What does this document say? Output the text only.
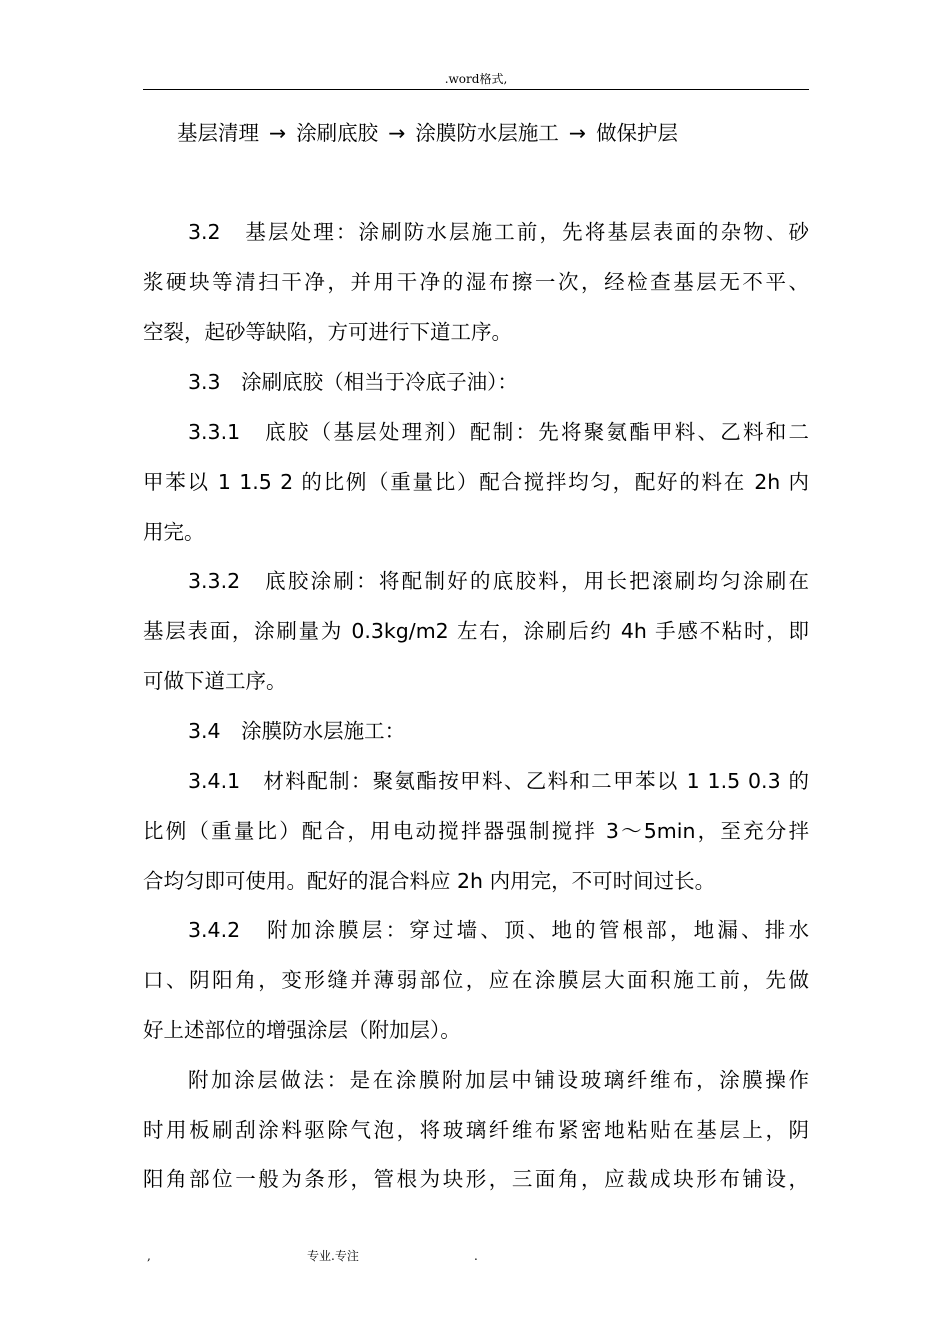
.word格式,
基层清理 → 涂刷底胶 → 涂膜防水层施工 → 做保护层
3.2　基层处理：涂刷防水层施工前，先将基层表面的杂物、砂
浆硬块等清扫干净，并用干净的湿布擦一次，经检查基层无不平、
空裂，起砂等缺陷，方可进行下道工序。
3.3　涂刷底胶（相当于冷底子油）：
3.3.1　底胶（基层处理剂）配制：先将聚氨酯甲料、乙料和二
甲苯以 1 1.5 2 的比例（重量比）配合搅拌均匀，配好的料在 2h 内
用完。
3.3.2　底胶涂刷：将配制好的底胶料，用长把滚刷均匀涂刷在
基层表面，涂刷量为 0.3kg/m2 左右，涂刷后约 4h 手感不粘时，即
可做下道工序。
3.4　涂膜防水层施工：
3.4.1　材料配制：聚氨酯按甲料、乙料和二甲苯以 1 1.5 0.3 的
比例（重量比）配合，用电动搅拌器强制搅拌 3～5min，至充分拌
合均匀即可使用。配好的混合料应 2h 内用完，不可时间过长。
3.4.2　附加涂膜层：穿过墙、顶、地的管根部，地漏、排水
口、阴阳角，变形缝并薄弱部位，应在涂膜层大面积施工前，先做
好上述部位的增强涂层（附加层）。
附加涂层做法：是在涂膜附加层中铺设玻璃纤维布，涂膜操作
时用板刷刮涂料驱除气泡，将玻璃纤维布紧密地粘贴在基层上，阴
阳角部位一般为条形，管根为块形，三面角，应裁成块形布铺设，
,	专业.专注	.
